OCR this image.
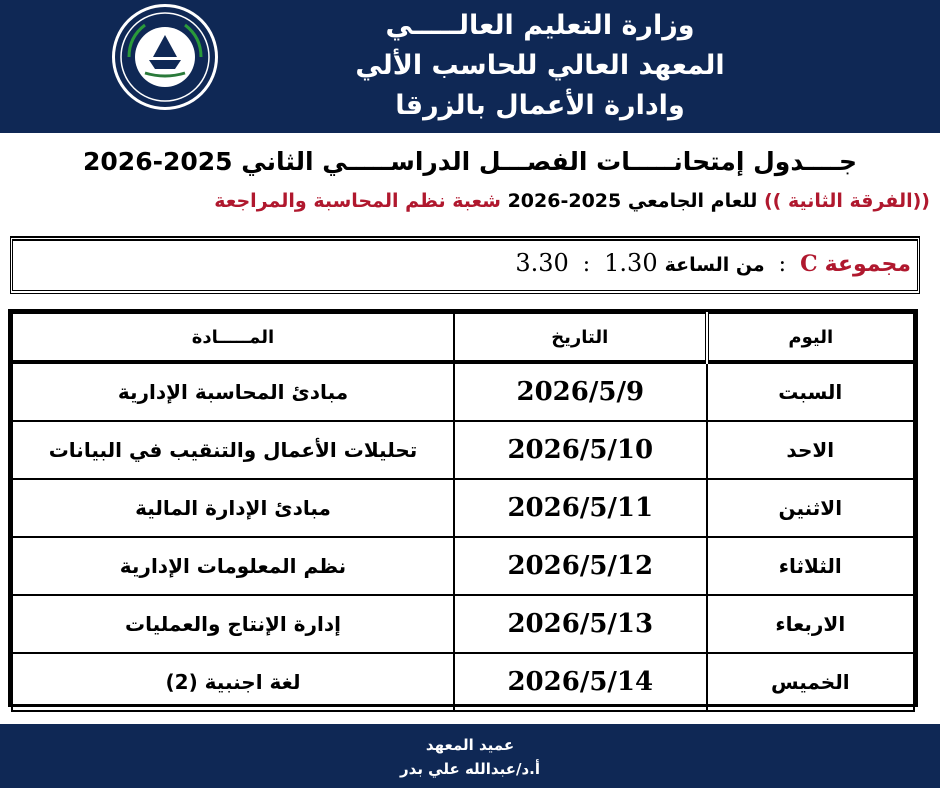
وزارة التعليم العالـــــي
المعهد العالي للحاسب الألي
وادارة الأعمال بالزرقا
جــــدول إمتحانـــــات الفصـــل الدراســـــي الثاني 2025-2026
((الفرقة الثانية )) للعام الجامعي 2025-2026 شعبة نظم المحاسبة والمراجعة
مجموعة C  :  من الساعة 1.30  :  3.30
اليوم	التاريخ	المـــــادة
السبت	2026/5/9	مبادئ المحاسبة الإدارية
الاحد	2026/5/10	تحليلات الأعمال والتنقيب في البيانات
الاثنين	2026/5/11	مبادئ الإدارة المالية
الثلاثاء	2026/5/12	نظم المعلومات الإدارية
الاربعاء	2026/5/13	إدارة الإنتاج والعمليات
الخميس	2026/5/14	لغة اجنبية (2)
عميد المعهد
أ.د/عبدالله علي بدر
